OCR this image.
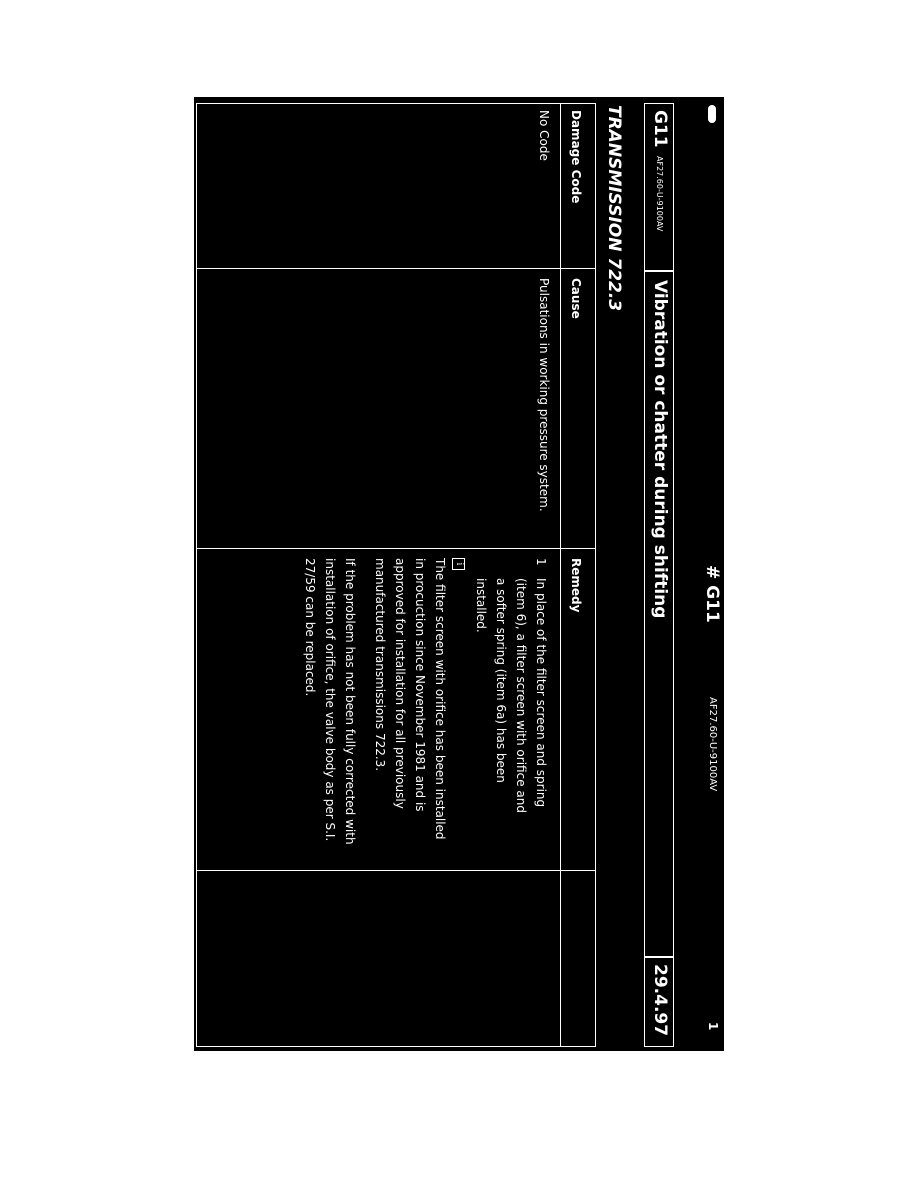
# G11
AF27.60-U-9100AV
1
G11
AF27.60-U-9100AV
Vibration or chatter during shifting
29.4.97
TRANSMISSION 722.3
Damage Code
Cause
Remedy
No Code
Pulsations in working pressure system.
1
In place of the filter screen and spring (item 6), a filter screen with orifice and a softer spring (item 6a) has been installed.
i
The filter screen with orifice has been installed in procuction since November 1981 and is approved for installation for all previously manufactured transmissions 722.3.
If the problem has not been fully corrected with installation of orifice, the valve body as per S.I. 27/59 can be replaced.
